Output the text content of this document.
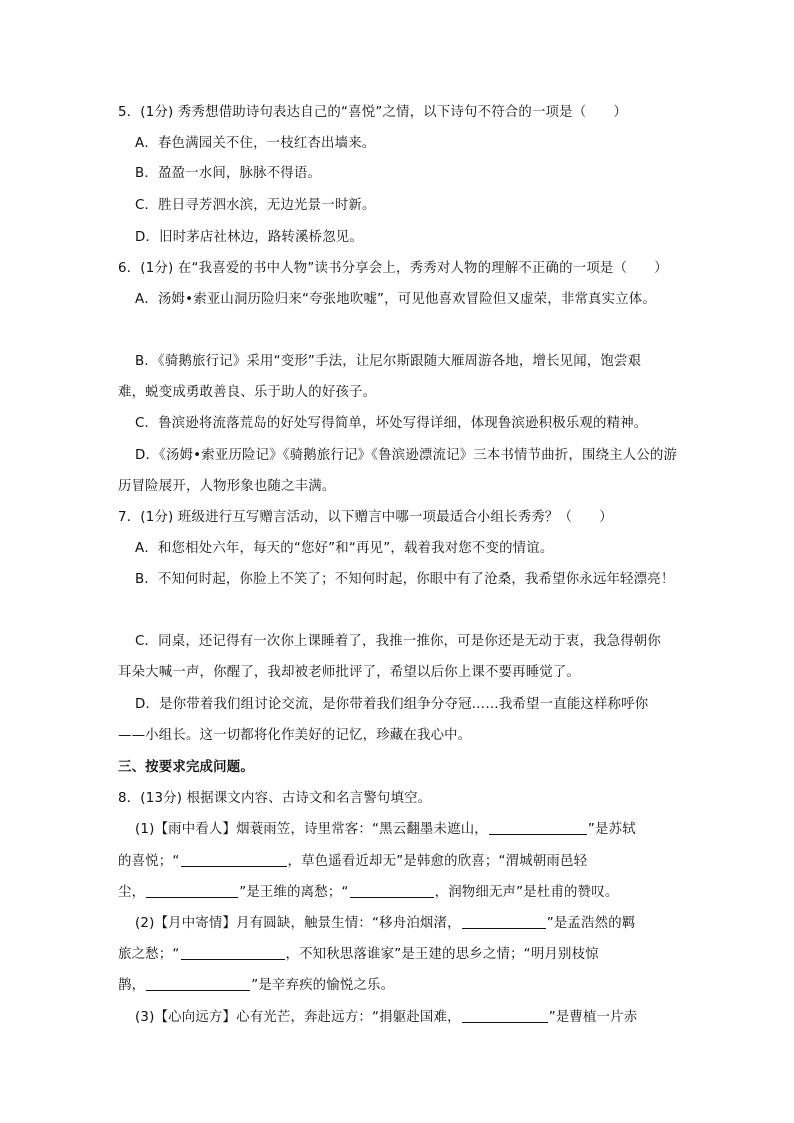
5．(1分) 秀秀想借助诗句表达自己的“喜悦”之情，以下诗句不符合的一项是（　　）
A．春色满园关不住，一枝红杏出墙来。
B．盈盈一水间，脉脉不得语。
C．胜日寻芳泗水滨，无边光景一时新。
D．旧时茅店社林边，路转溪桥忽见。
6．(1分) 在“我喜爱的书中人物”读书分享会上，秀秀对人物的理解不正确的一项是（　　）
A．汤姆•索亚山洞历险归来“夸张地吹嘘”，可见他喜欢冒险但又虚荣，非常真实立体。
B．《骑鹅旅行记》采用“变形”手法，让尼尔斯跟随大雁周游各地，增长见闻，饱尝艰
难，蜕变成勇敢善良、乐于助人的好孩子。
C．鲁滨逊将流落荒岛的好处写得简单，坏处写得详细，体现鲁滨逊积极乐观的精神。
D．《汤姆•索亚历险记》《骑鹅旅行记》《鲁滨逊漂流记》三本书情节曲折，围绕主人公的游
历冒险展开，人物形象也随之丰满。
7．(1分) 班级进行互写赠言活动，以下赠言中哪一项最适合小组长秀秀？（　　）
A．和您相处六年，每天的“您好”和“再见”，载着我对您不变的情谊。
B．不知何时起，你脸上不笑了；不知何时起，你眼中有了沧桑，我希望你永远年轻漂亮！
C．同桌，还记得有一次你上课睡着了，我推一推你，可是你还是无动于衷，我急得朝你
耳朵大喊一声，你醒了，我却被老师批评了，希望以后你上课不要再睡觉了。
D．是你带着我们组讨论交流，是你带着我们组争分夺冠……我希望一直能这样称呼你
——小组长。这一切都将化作美好的记忆，珍藏在我心中。
三、按要求完成问题。
8．(13分) 根据课文内容、古诗文和名言警句填空。
(1)【雨中看人】烟蓑雨笠，诗里常客：“黑云翻墨未遮山，	”是苏轼
的喜悦；“	，草色遥看近却无”是韩愈的欣喜；“渭城朝雨邑轻
尘，	”是王维的离愁；“	，润物细无声”是杜甫的赞叹。
(2)【月中寄情】月有圆缺，触景生情：“移舟泊烟渚，	”是孟浩然的羁
旅之愁；“	，不知秋思落谁家”是王建的思乡之情；“明月别枝惊
鹊，	”是辛弃疾的愉悦之乐。
(3)【心向远方】心有光芒，奔赴远方：“捐躯赴国难，	”是曹植一片赤
